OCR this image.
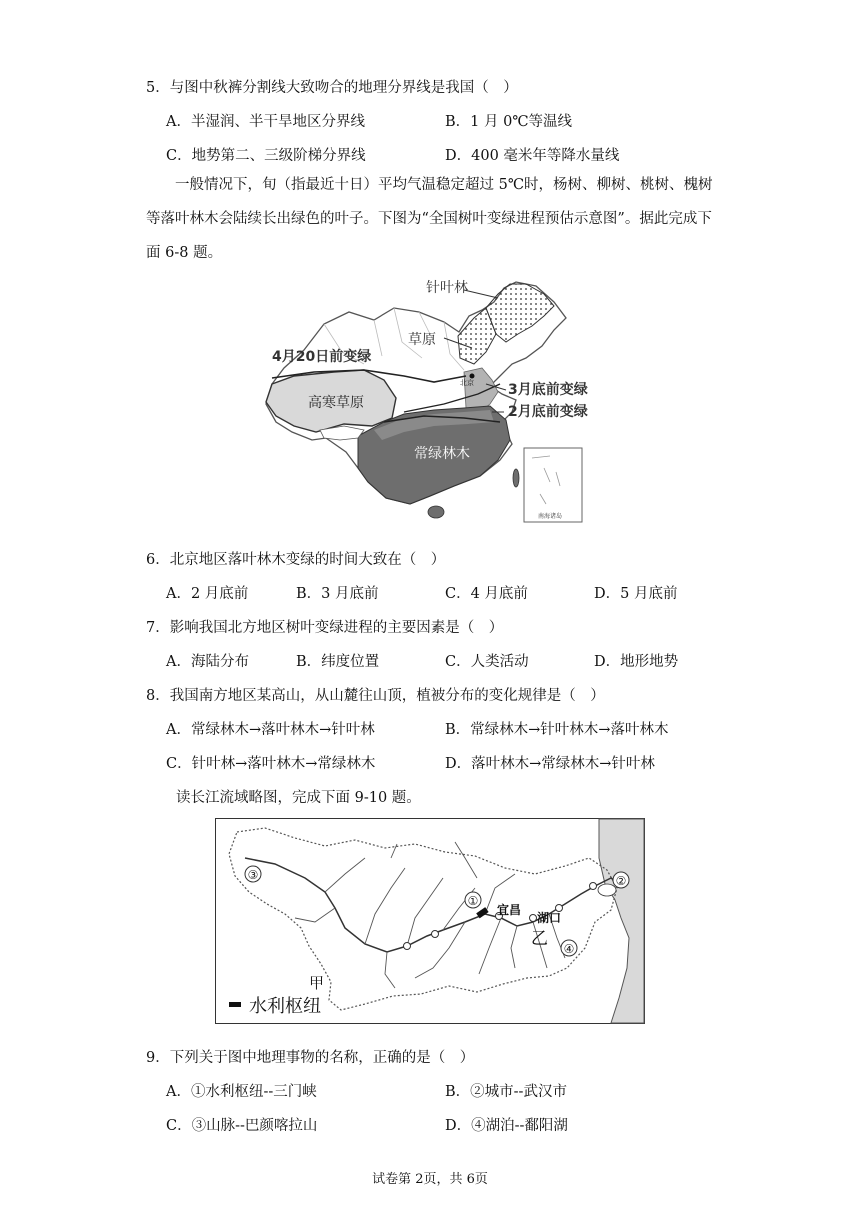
5．与图中秋裤分割线大致吻合的地理分界线是我国（　）
A．半湿润、半干旱地区分界线	B．1 月 0℃等温线
C．地势第二、三级阶梯分界线	D．400 毫米年等降水量线
一般情况下，旬（指最近十日）平均气温稳定超过 5℃时，杨树、柳树、桃树、槐树等落叶林木会陆续长出绿色的叶子。下图为“全国树叶变绿进程预估示意图”。据此完成下面 6-8 题。
南海诸岛
北京
针叶林
草原
4月20日前变绿
3月底前变绿
2月底前变绿
高寒草原
常绿林木
6．北京地区落叶林木变绿的时间大致在（　）
A．2 月底前	B．3 月底前	C．4 月底前	D．5 月底前
7．影响我国北方地区树叶变绿进程的主要因素是（　）
A．海陆分布	B．纬度位置	C．人类活动	D．地形地势
8．我国南方地区某高山，从山麓往山顶，植被分布的变化规律是（　）
A．常绿林木→落叶林木→针叶林	B．常绿林木→针叶林木→落叶林木
C．针叶林→落叶林木→常绿林木	D．落叶林木→常绿林木→针叶林
读长江流域略图，完成下面 9-10 题。
①
②
③
④
宜昌
湖口
乙
甲
水利枢纽
9．下列关于图中地理事物的名称，正确的是（　）
A．①水利枢纽--三门峡	B．②城市--武汉市
C．③山脉--巴颜喀拉山	D．④湖泊--鄱阳湖
试卷第 2页，共 6页
